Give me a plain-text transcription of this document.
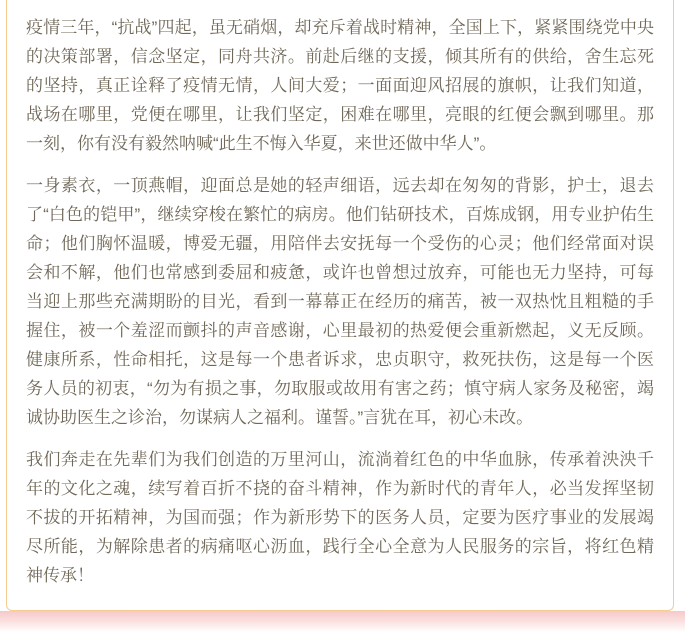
疫情三年，“抗战”四起，虽无硝烟，却充斥着战时精神，全国上下，紧紧围绕党中央的决策部署，信念坚定，同舟共济。前赴后继的支援，倾其所有的供给，舍生忘死的坚持，真正诠释了疫情无情，人间大爱；一面面迎风招展的旗帜，让我们知道，战场在哪里，党便在哪里，让我们坚定，困难在哪里，亮眼的红便会飘到哪里。那一刻，你有没有毅然呐喊“此生不悔入华夏，来世还做中华人”。

一身素衣，一顶燕帽，迎面总是她的轻声细语，远去却在匆匆的背影，护士，退去了“白色的铠甲”，继续穿梭在繁忙的病房。他们钻研技术，百炼成钢，用专业护佑生命；他们胸怀温暖，博爱无疆，用陪伴去安抚每一个受伤的心灵；他们经常面对误会和不解，他们也常感到委屈和疲惫，或许也曾想过放弃，可能也无力坚持，可每当迎上那些充满期盼的目光，看到一幕幕正在经历的痛苦，被一双热忱且粗糙的手握住，被一个羞涩而颤抖的声音感谢，心里最初的热爱便会重新燃起，义无反顾。健康所系，性命相托，这是每一个患者诉求，忠贞职守，救死扶伤，这是每一个医务人员的初衷，“勿为有损之事，勿取服或故用有害之药；慎守病人家务及秘密，竭诚协助医生之诊治，勿谋病人之福利。谨誓。”言犹在耳，初心未改。

我们奔走在先辈们为我们创造的万里河山，流淌着红色的中华血脉，传承着泱泱千年的文化之魂，续写着百折不挠的奋斗精神，作为新时代的青年人，必当发挥坚韧不拔的开拓精神，为国而强；作为新形势下的医务人员，定要为医疗事业的发展竭尽所能，为解除患者的病痛呕心沥血，践行全心全意为人民服务的宗旨，将红色精神传承！
